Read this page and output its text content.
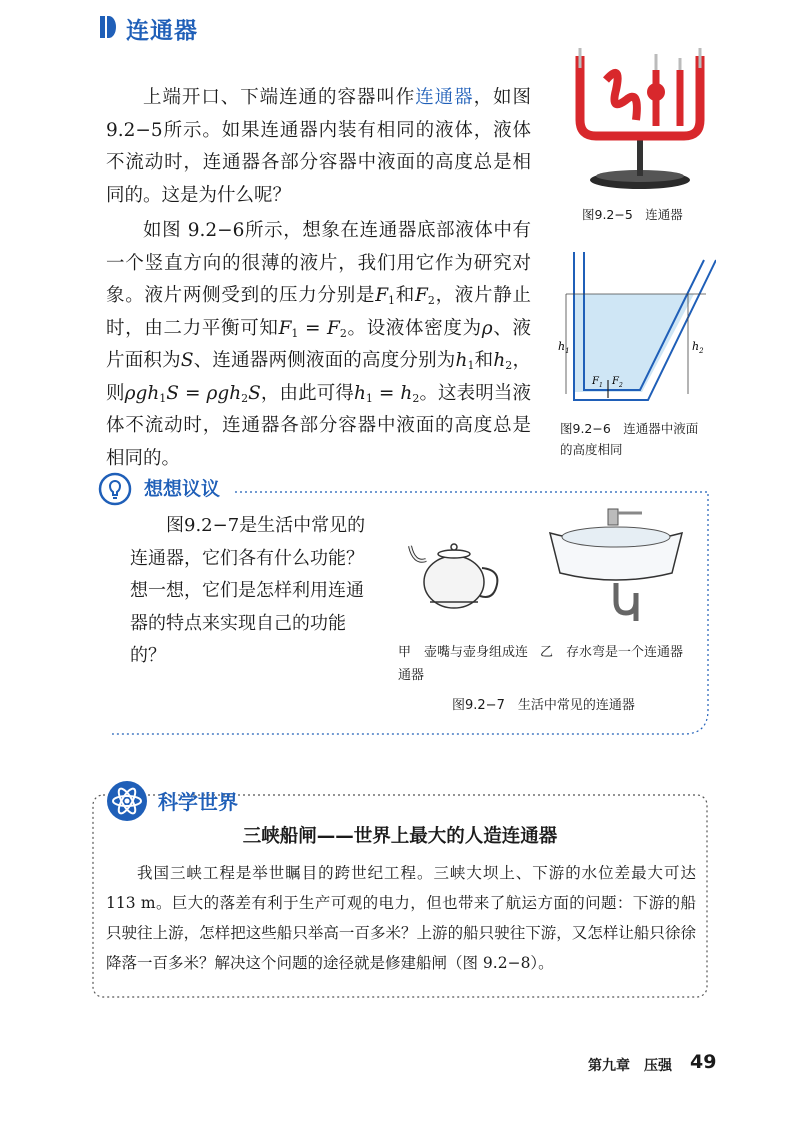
连通器
上端开口、下端连通的容器叫作连通器，如图 9.2−5所示。如果连通器内装有相同的液体，液体不流动时，连通器各部分容器中液面的高度总是相同的。这是为什么呢？
如图 9.2−6所示，想象在连通器底部液体中有一个竖直方向的很薄的液片，我们用它作为研究对象。液片两侧受到的压力分别是$F_1$和$F_2$，液片静止时，由二力平衡可知$F_1 = F_2$。设液体密度为ρ、液片面积为S、连通器两侧液面的高度分别为$h_1$和$h_2$，则ρgh$_1$S = ρgh$_2$S，由此可得$h_1 = h_2$。这表明当液体不流动时，连通器各部分容器中液面的高度总是相同的。
图9.2−5　连通器
$h_1$	$h_2$
$F_1$ $F_2$
图9.2−6　连通器中液面的高度相同
想想议议
图9.2−7是生活中常见的连通器，它们各有什么功能？想一想，它们是怎样利用连通器的特点来实现自己的功能的？	甲　壶嘴与壶身组成连通器
乙　存水弯是一个连通器
图9.2−7　生活中常见的连通器
科学世界
三峡船闸——世界上最大的人造连通器
我国三峡工程是举世瞩目的跨世纪工程。三峡大坝上、下游的水位差最大可达 113 m。巨大的落差有利于生产可观的电力，但也带来了航运方面的问题：下游的船只驶往上游，怎样把这些船只举高一百多米？上游的船只驶往下游，又怎样让船只徐徐降落一百多米？解决这个问题的途径就是修建船闸（图 9.2−8）。
第九章　压强 49
